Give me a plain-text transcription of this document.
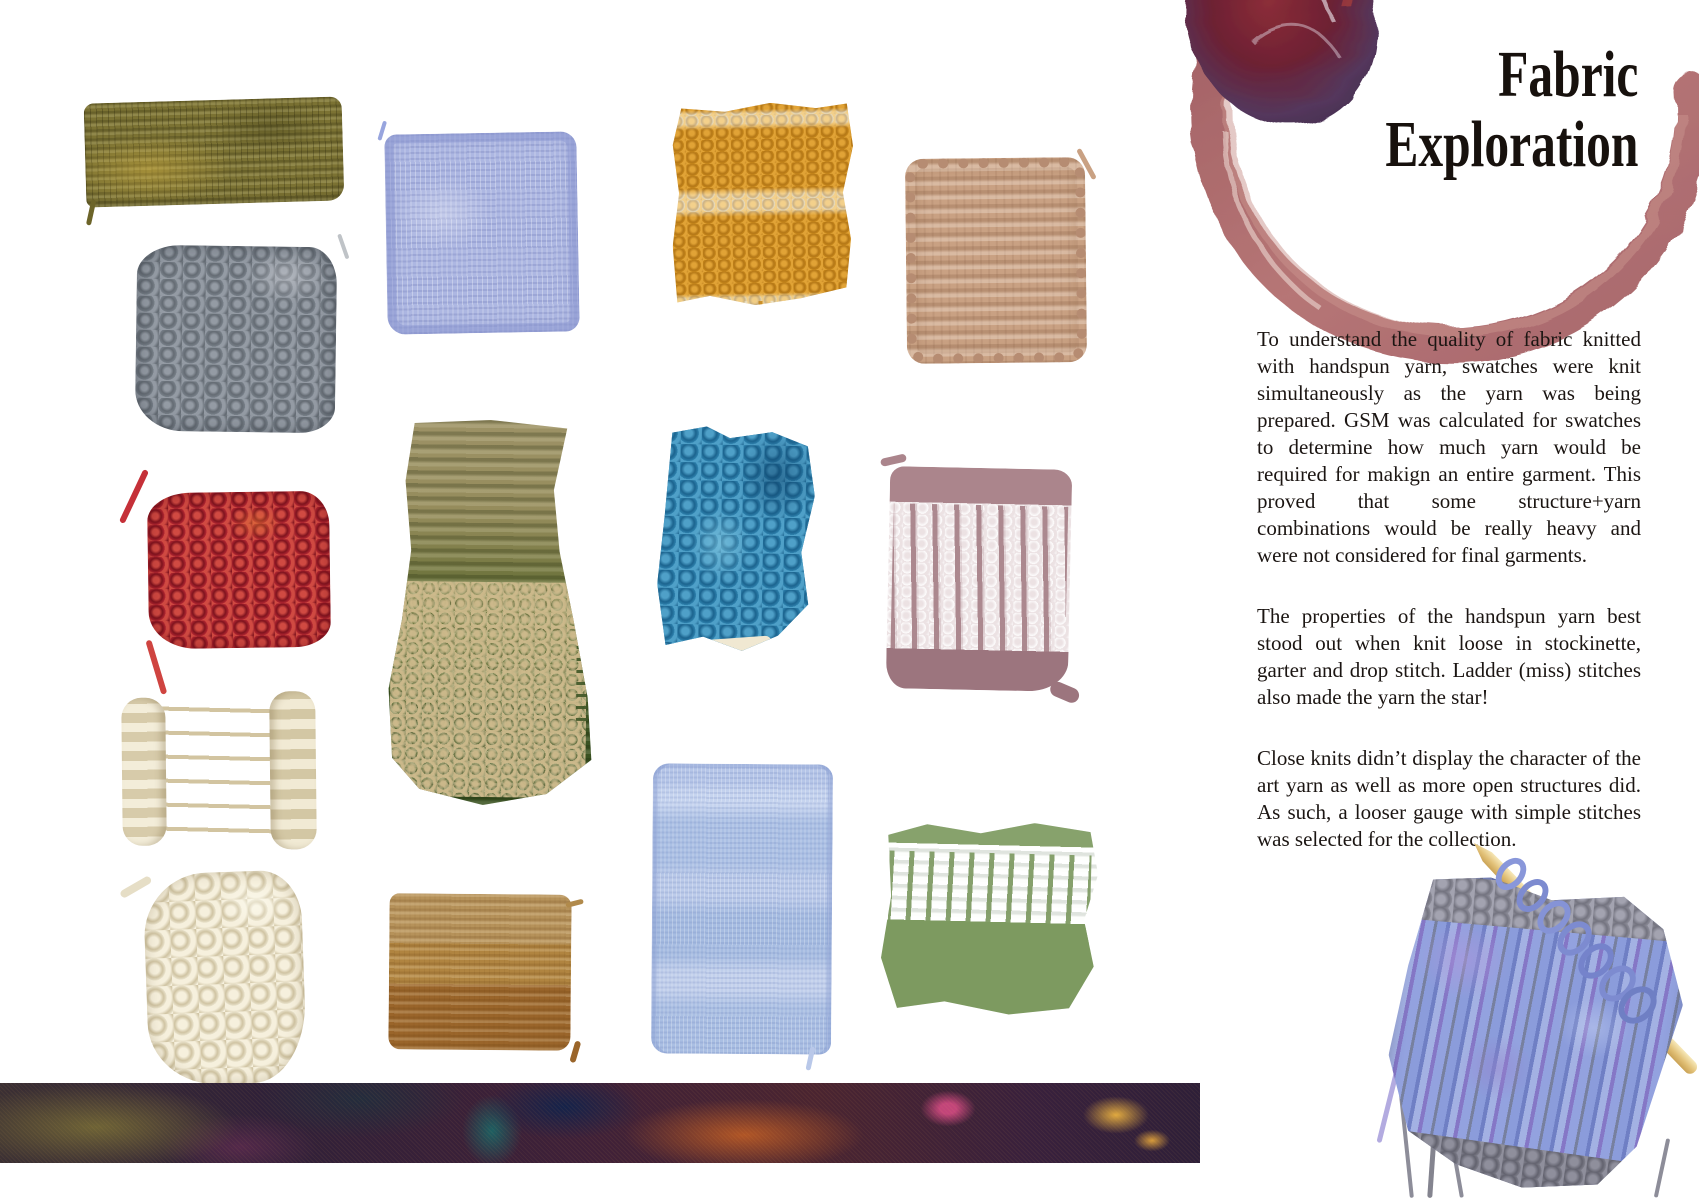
Fabric
Exploration

To understand the quality of fabric knitted with handspun yarn, swatches were knit simultaneously as the yarn was being prepared. GSM was calculated for swatches to determine how much yarn would be required for makign an entire garment. This proved that some structure+yarn combinations would be really heavy and were not considered for final garments.

The properties of the handspun yarn best stood out when knit loose in stockinette, garter and drop stitch. Ladder (miss) stitches also made the yarn the star!

Close knits didn’t display the character of the art yarn as well as more open structures did. As such, a looser gauge with simple stitches was selected for the collection.
